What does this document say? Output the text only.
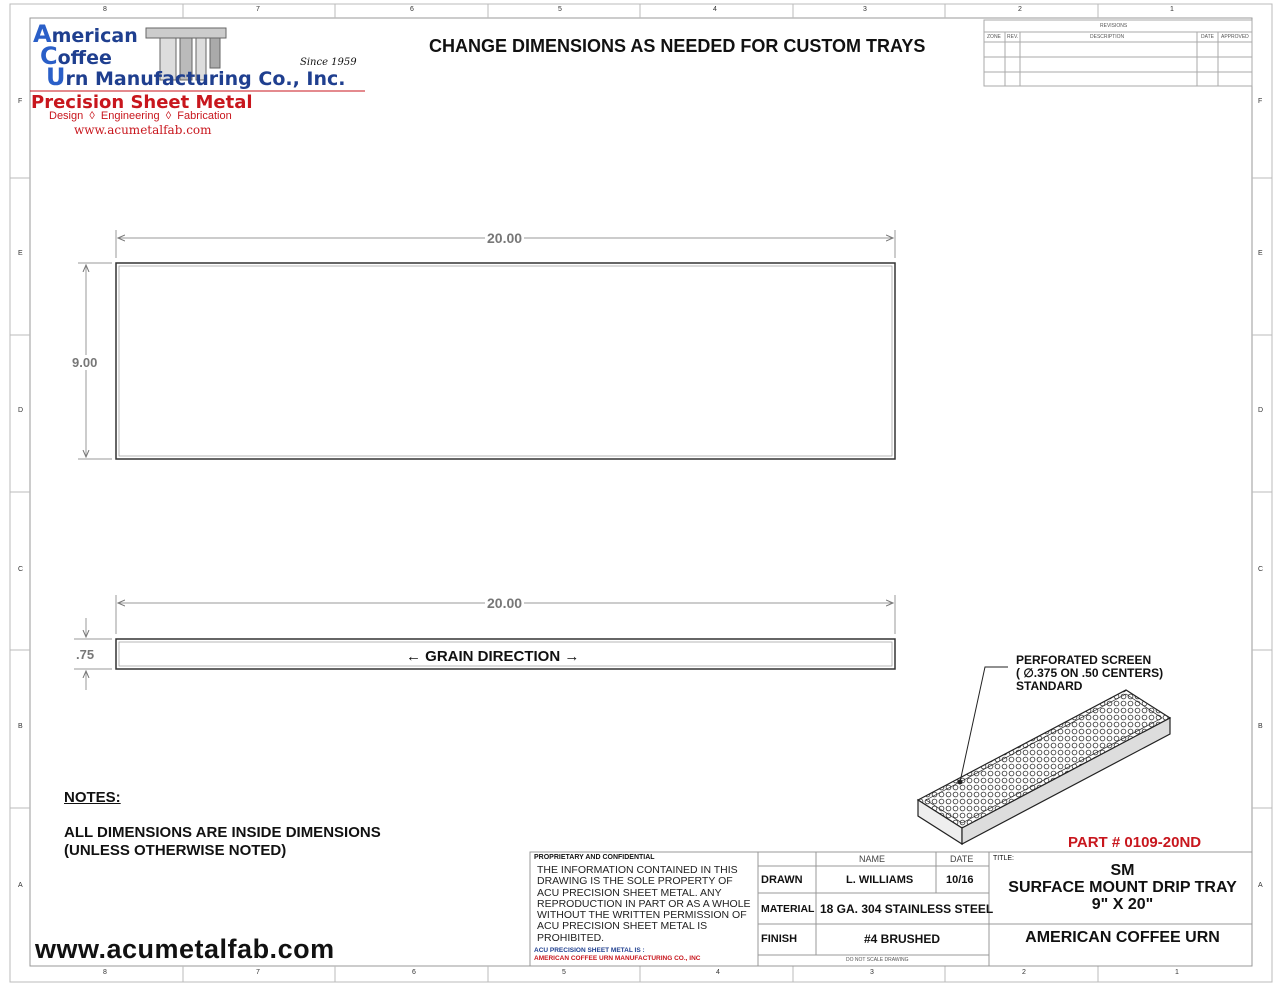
8	7	6	5	4	3	2	1
8	7	6	5	4	3	2	1
F
E
D
C
B
A
F
E
D
C
B
A
American
Coffee
Urn Manufacturing Co., Inc.
Since 1959
Precision Sheet Metal
Design  ◊  Engineering  ◊  Fabrication
www.acumetalfab.com
CHANGE DIMENSIONS AS NEEDED FOR CUSTOM TRAYS
REVISIONS
ZONE REV.	DESCRIPTION	DATE APPROVED
20.00
9.00
20.00
.75	← GRAIN DIRECTION →	PERFORATED SCREEN
( ∅.375 ON .50 CENTERS)
STANDARD
PART # 0109-20ND
NOTES:
ALL DIMENSIONS ARE INSIDE DIMENSIONS
(UNLESS OTHERWISE NOTED)
www.acumetalfab.com
PROPRIETARY AND CONFIDENTIAL
THE INFORMATION CONTAINED IN THIS
DRAWING IS THE SOLE PROPERTY OF
ACU PRECISION SHEET METAL. ANY
REPRODUCTION IN PART OR AS A WHOLE
WITHOUT THE WRITTEN PERMISSION OF
ACU PRECISION SHEET METAL IS
PROHIBITED.
ACU PRECISION SHEET METAL IS :
AMERICAN COFFEE URN MANUFACTURING CO., INC
NAME	DATE
DRAWN	L. WILLIAMS	10/16
MATERIAL 18 GA. 304 STAINLESS STEEL
FINISH	#4 BRUSHED
DO NOT SCALE DRAWING
TITLE:
SM
SURFACE MOUNT DRIP TRAY
9" X 20"
AMERICAN COFFEE URN
